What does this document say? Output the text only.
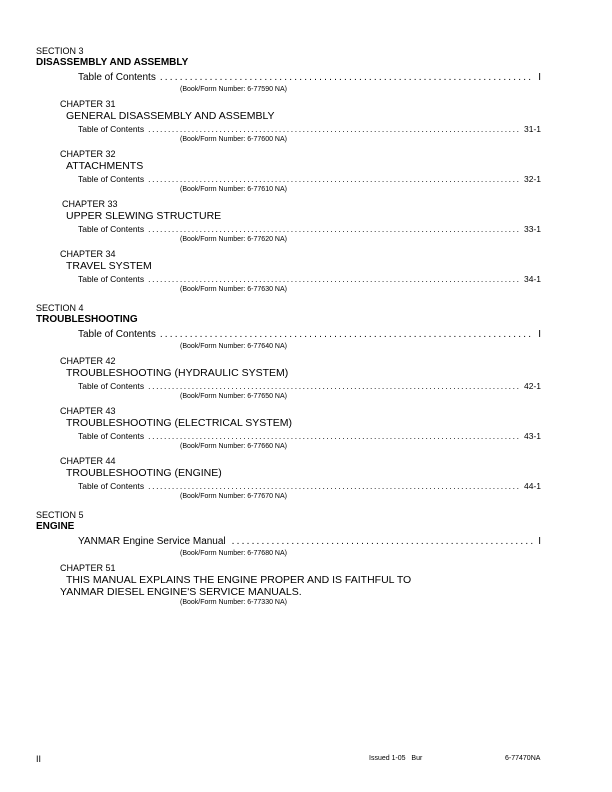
SECTION 3
DISASSEMBLY AND ASSEMBLY
Table of Contents .....	I
(Book/Form Number: 6-77590 NA)
CHAPTER 31
GENERAL DISASSEMBLY AND ASSEMBLY
Table of Contents .....	31-1
(Book/Form Number: 6-77600 NA)
CHAPTER 32
ATTACHMENTS
Table of Contents .....	32-1
(Book/Form Number: 6-77610 NA)
CHAPTER 33
UPPER SLEWING STRUCTURE
Table of Contents .....	33-1
(Book/Form Number: 6-77620 NA)
CHAPTER 34
TRAVEL SYSTEM
Table of Contents .....	34-1
(Book/Form Number: 6-77630 NA)
SECTION 4
TROUBLESHOOTING
Table of Contents .....	I
(Book/Form Number: 6-77640 NA)
CHAPTER 42
TROUBLESHOOTING (HYDRAULIC SYSTEM)
Table of Contents .....	42-1
(Book/Form Number: 6-77650 NA)
CHAPTER 43
TROUBLESHOOTING (ELECTRICAL SYSTEM)
Table of Contents .....	43-1
(Book/Form Number: 6-77660 NA)
CHAPTER 44
TROUBLESHOOTING (ENGINE)
Table of Contents .....	44-1
(Book/Form Number: 6-77670 NA)
SECTION 5
ENGINE
YANMAR Engine Service Manual .....	I
(Book/Form Number: 6-77680 NA)
CHAPTER 51
THIS MANUAL EXPLAINS THE ENGINE PROPER AND IS FAITHFUL TO
YANMAR DIESEL ENGINE'S SERVICE MANUALS.
(Book/Form Number: 6-77330 NA)
II	Issued 1-05   Bur	6-77470NA
